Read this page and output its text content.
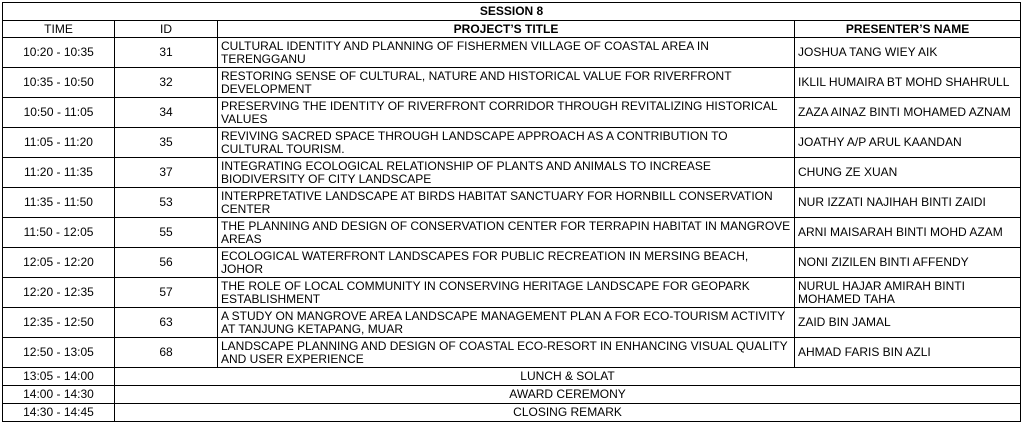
SESSION 8			
TIME	ID	PROJECT’S TITLE	PRESENTER’S NAME
10:20 - 10:35	31	CULTURAL IDENTITY AND PLANNING OF FISHERMEN VILLAGE OF COASTAL AREA IN TERENGGANU	JOSHUA TANG WIEY AIK
10:35 - 10:50	32	RESTORING SENSE OF CULTURAL, NATURE AND HISTORICAL VALUE FOR RIVERFRONT DEVELOPMENT	IKLIL HUMAIRA BT MOHD SHAHRULL
10:50 - 11:05	34	PRESERVING THE IDENTITY OF RIVERFRONT CORRIDOR THROUGH REVITALIZING HISTORICAL VALUES	ZAZA AINAZ BINTI MOHAMED AZNAM
11:05 - 11:20	35	REVIVING SACRED SPACE THROUGH LANDSCAPE APPROACH AS A CONTRIBUTION TO CULTURAL TOURISM.	JOATHY A/P ARUL KAANDAN
11:20 - 11:35	37	INTEGRATING ECOLOGICAL RELATIONSHIP OF PLANTS AND ANIMALS TO INCREASE BIODIVERSITY OF CITY LANDSCAPE	CHUNG ZE XUAN
11:35 - 11:50	53	INTERPRETATIVE LANDSCAPE AT BIRDS HABITAT SANCTUARY FOR HORNBILL CONSERVATION CENTER	NUR IZZATI NAJIHAH BINTI ZAIDI
11:50 - 12:05	55	THE PLANNING AND DESIGN OF CONSERVATION CENTER FOR TERRAPIN HABITAT IN MANGROVE AREAS	ARNI MAISARAH BINTI MOHD AZAM
12:05 - 12:20	56	ECOLOGICAL WATERFRONT LANDSCAPES FOR PUBLIC RECREATION IN MERSING BEACH, JOHOR	NONI ZIZILEN BINTI AFFENDY
12:20 - 12:35	57	THE ROLE OF LOCAL COMMUNITY IN CONSERVING HERITAGE LANDSCAPE FOR GEOPARK ESTABLISHMENT	NURUL HAJAR AMIRAH BINTI MOHAMED TAHA
12:35 - 12:50	63	A STUDY ON MANGROVE AREA LANDSCAPE MANAGEMENT PLAN A FOR ECO-TOURISM ACTIVITY AT TANJUNG KETAPANG, MUAR	ZAID BIN JAMAL
12:50 - 13:05	68	LANDSCAPE PLANNING AND DESIGN OF COASTAL ECO-RESORT IN ENHANCING VISUAL QUALITY AND USER EXPERIENCE	AHMAD FARIS BIN AZLI
13:05 - 14:00	LUNCH & SOLAT		
14:00 - 14:30	AWARD CEREMONY		
14:30 - 14:45	CLOSING REMARK		
